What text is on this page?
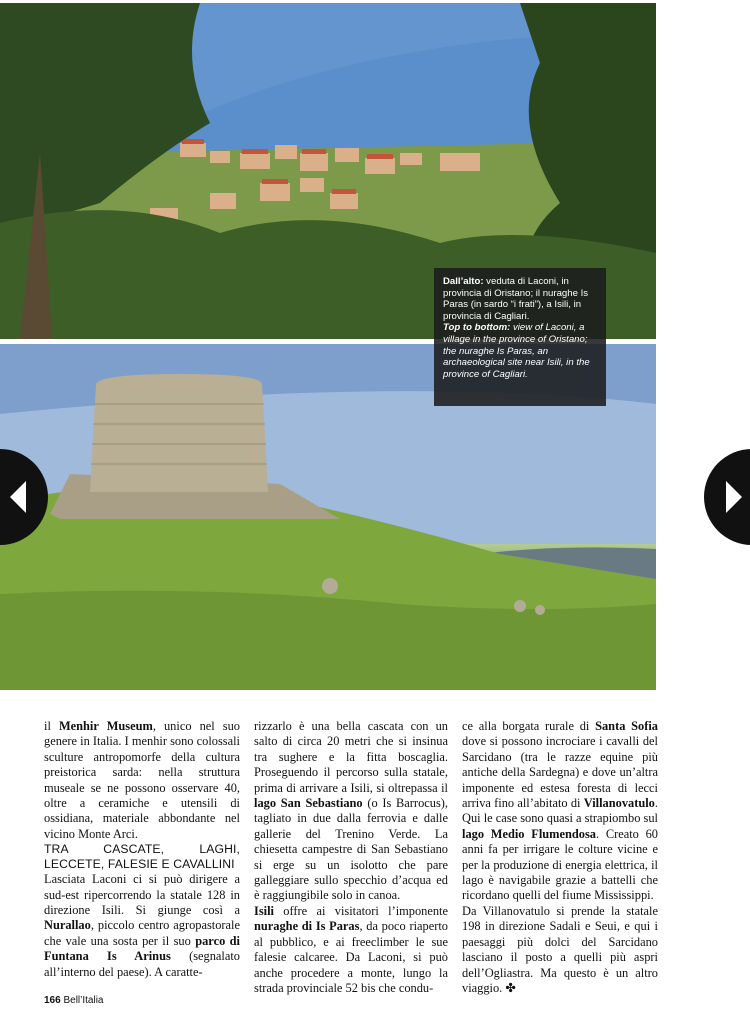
Dall’alto: veduta di Laconi, in provincia di Oristano; il nuraghe Is Paras (in sardo “i frati”), a Isili, in provincia di Cagliari.
Top to bottom: view of Laconi, a village in the province of Oristano; the nuraghe Is Paras, an archaeological site near Isili, in the province of Cagliari.

il Menhir Museum, unico nel suo genere in Italia. I menhir sono colossali sculture antropomorfe della cultura preistorica sarda: nella struttura museale se ne possono osservare 40, oltre a ceramiche e utensili di ossidiana, materiale abbondante nel vicino Monte Arci.

TRA CASCATE, LAGHI, LECCETE, FALESIE E CAVALLINI

Lasciata Laconi ci si può dirigere a sud-est ripercorrendo la statale 128 in direzione Isili. Si giunge così a Nurallao, piccolo centro agropastorale che vale una sosta per il suo parco di Funtana Is Arinus (segnalato all’interno del paese). A caratte-

rizzarlo è una bella cascata con un salto di circa 20 metri che si insinua tra sughere e la fitta boscaglia. Proseguendo il percorso sulla statale, prima di arrivare a Isili, si oltrepassa il lago San Sebastiano (o Is Barrocus), tagliato in due dalla ferrovia e dalle gallerie del Trenino Verde. La chiesetta campestre di San Sebastiano si erge su un isolotto che pare galleggiare sullo specchio d’acqua ed è raggiungibile solo in canoa.

Isili offre ai visitatori l’imponente nuraghe di Is Paras, da poco riaperto al pubblico, e ai freeclimber le sue falesie calcaree. Da Laconi, si può anche procedere a monte, lungo la strada provinciale 52 bis che condu-

ce alla borgata rurale di Santa Sofia dove si possono incrociare i cavalli del Sarcidano (tra le razze equine più antiche della Sardegna) e dove un’altra imponente ed estesa foresta di lecci arriva fino all’abitato di Villanovatulo. Qui le case sono quasi a strapiombo sul lago Medio Flumendosa. Creato 60 anni fa per irrigare le colture vicine e per la produzione di energia elettrica, il lago è navigabile grazie a battelli che ricordano quelli del fiume Mississippi.

Da Villanovatulo si prende la statale 198 in direzione Sadali e Seui, e qui i paesaggi più dolci del Sarcidano lasciano il posto a quelli più aspri dell’Ogliastra. Ma questo è un altro viaggio. ✤

166 Bell’Italia
